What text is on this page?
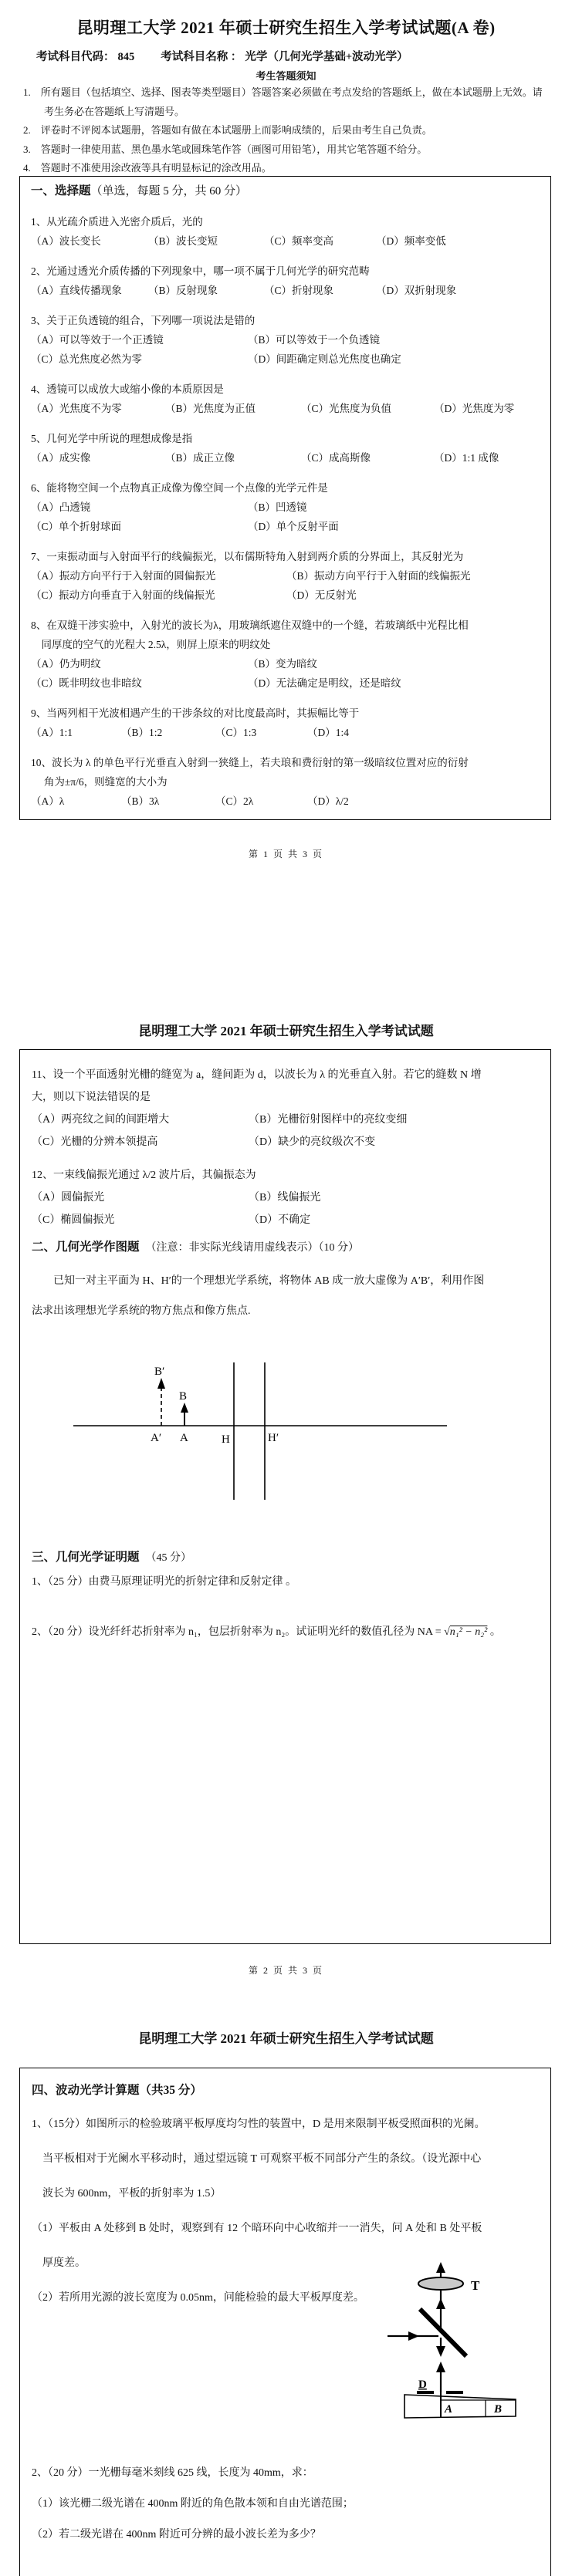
昆明理工大学 2021 年硕士研究生招生入学考试试题(A 卷)
考试科目代码： 845 考试科目名称 ： 光学（几何光学基础+波动光学）
考生答题须知
1.　所有题目（包括填空、选择、图表等类型题目）答题答案必须做在考点发给的答题纸上，做在本试题册上无效。请考生务必在答题纸上写清题号。
2.　评卷时不评阅本试题册，答题如有做在本试题册上而影响成绩的，后果由考生自己负责。
3.　答题时一律使用蓝、黑色墨水笔或圆珠笔作答（画图可用铅笔），用其它笔答题不给分。
4.　答题时不准使用涂改液等具有明显标记的涂改用品。
一、选择题（单选，每题 5 分，共 60 分）
1、从光疏介质进入光密介质后，光的
（A）波长变长	（B）波长变短	（C）频率变高	（D）频率变低
2、光通过透光介质传播的下列现象中，哪一项不属于几何光学的研究范畴
（A）直线传播现象	（B）反射现象	（C）折射现象	（D）双折射现象
3、关于正负透镜的组合，下列哪一项说法是错的
（A）可以等效于一个正透镜	（B）可以等效于一个负透镜
（C）总光焦度必然为零	（D）间距确定则总光焦度也确定
4、透镜可以成放大或缩小像的本质原因是
（A）光焦度不为零	（B）光焦度为正值	（C）光焦度为负值	（D）光焦度为零
5、几何光学中所说的理想成像是指
（A）成实像	（B）成正立像	（C）成高斯像	（D）1:1 成像
6、能将物空间一个点物真正成像为像空间一个点像的光学元件是
（A）凸透镜	（B）凹透镜
（C）单个折射球面	（D）单个反射平面
7、一束振动面与入射面平行的线偏振光，以布儒斯特角入射到两介质的分界面上，其反射光为
（A）振动方向平行于入射面的圆偏振光	（B）振动方向平行于入射面的线偏振光
（C）振动方向垂直于入射面的线偏振光	（D）无反射光
8、在双缝干涉实验中，入射光的波长为λ，用玻璃纸遮住双缝中的一个缝，若玻璃纸中光程比相
　同厚度的空气的光程大 2.5λ，则屏上原来的明纹处
（A）仍为明纹	（B）变为暗纹
（C）既非明纹也非暗纹	（D）无法确定是明纹，还是暗纹
9、当两列相干光波相遇产生的干涉条纹的对比度最高时，其振幅比等于
（A）1:1	（B）1:2	（C）1:3	（D）1:4
10、波长为 λ 的单色平行光垂直入射到一狭缝上，若夫琅和费衍射的第一级暗纹位置对应的衍射
　 角为±π/6，则缝宽的大小为
（A）λ	（B）3λ	（C）2λ	（D）λ/2
第 1 页 共 3 页
昆明理工大学 2021 年硕士研究生招生入学考试试题
11、设一个平面透射光栅的缝宽为 a，缝间距为 d，以波长为 λ 的光垂直入射。若它的缝数 N 增
大，则以下说法错误的是
（A）两亮纹之间的间距增大	（B）光栅衍射图样中的亮纹变细
（C）光栅的分辨本领提高	（D）缺少的亮纹级次不变
12、一束线偏振光通过 λ/2 波片后，其偏振态为
（A）圆偏振光	（B）线偏振光
（C）椭圆偏振光	（D）不确定
二、几何光学作图题　 （注意：非实际光线请用虚线表示）（10 分）
　　已知一对主平面为 H、H′的一个理想光学系统，将物体 AB 成一放大虚像为 A′B′，利用作图
法求出该理想光学系统的物方焦点和像方焦点.
B′
B
A′ A	H	H′
三、几何光学证明题　 （45 分）
1、（25 分）由费马原理证明光的折射定律和反射定律 。
2、（20 分）设光纤纤芯折射率为 n₁，包层折射率为 n₂。试证明光纤的数值孔径为 NA = √n₁² − n₂² 。
第 2 页 共 3 页
昆明理工大学 2021 年硕士研究生招生入学考试试题
四、波动光学计算题（共35 分）
1、（15分）如图所示的检验玻璃平板厚度均匀性的装置中，D 是用来限制平板受照面积的光阑。
　当平板相对于光阑水平移动时，通过望远镜 T 可观察平板不同部分产生的条纹。（设光源中心
　波长为 600nm，平板的折射率为 1.5）
（1）平板由 A 处移到 B 处时，观察到有 12 个暗环向中心收缩并一一消失，问 A 处和 B 处平板
　厚度差。
（2）若所用光源的波长宽度为 0.05nm，问能检验的最大平板厚度差。
T
D
A	B
2、（20 分）一光栅每毫米刻线 625 线，长度为 40mm，求：
（1）该光栅二级光谱在 400nm 附近的角色散本领和自由光谱范围；
（2）若二级光谱在 400nm 附近可分辨的最小波长差为多少？
